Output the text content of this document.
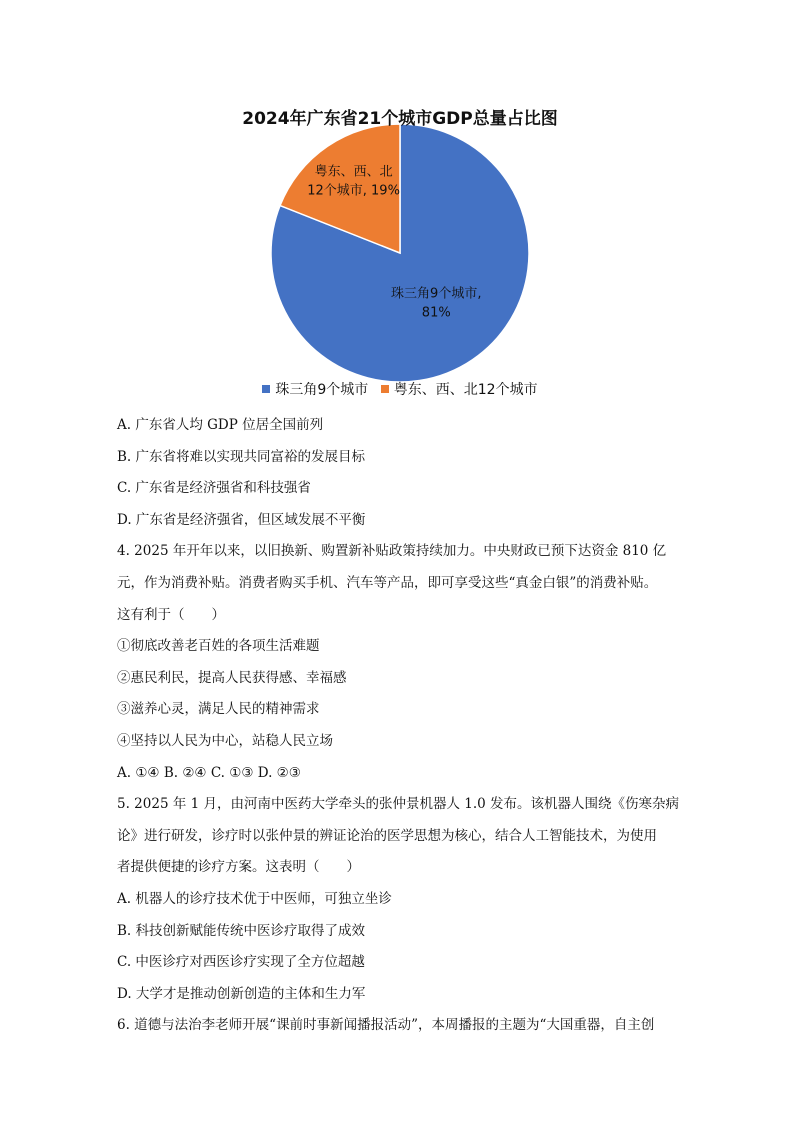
珠三角9个城市, 81%
粤东、西、北 12个城市, 19%
2024年广东省21个城市GDP总量占比图
珠三角9个城市
粤东、西、北12个城市
A. 广东省人均 GDP 位居全国前列
B. 广东省将难以实现共同富裕的发展目标
C. 广东省是经济强省和科技强省
D. 广东省是经济强省，但区域发展不平衡
4. 2025 年开年以来，以旧换新、购置新补贴政策持续加力。中央财政已预下达资金 810 亿
元，作为消费补贴。消费者购买手机、汽车等产品，即可享受这些“真金白银”的消费补贴。
这有利于（　　）
①彻底改善老百姓的各项生活难题
②惠民利民，提高人民获得感、幸福感
③滋养心灵，满足人民的精神需求
④坚持以人民为中心，站稳人民立场
A. ①④ B. ②④ C. ①③ D. ②③
5. 2025 年 1 月，由河南中医药大学牵头的张仲景机器人 1.0 发布。该机器人围绕《伤寒杂病
论》进行研发，诊疗时以张仲景的辨证论治的医学思想为核心，结合人工智能技术，为使用
者提供便捷的诊疗方案。这表明（　　）
A. 机器人的诊疗技术优于中医师，可独立坐诊
B. 科技创新赋能传统中医诊疗取得了成效
C. 中医诊疗对西医诊疗实现了全方位超越
D. 大学才是推动创新创造的主体和生力军
6. 道德与法治李老师开展“课前时事新闻播报活动”，本周播报的主题为“大国重器，自主创
